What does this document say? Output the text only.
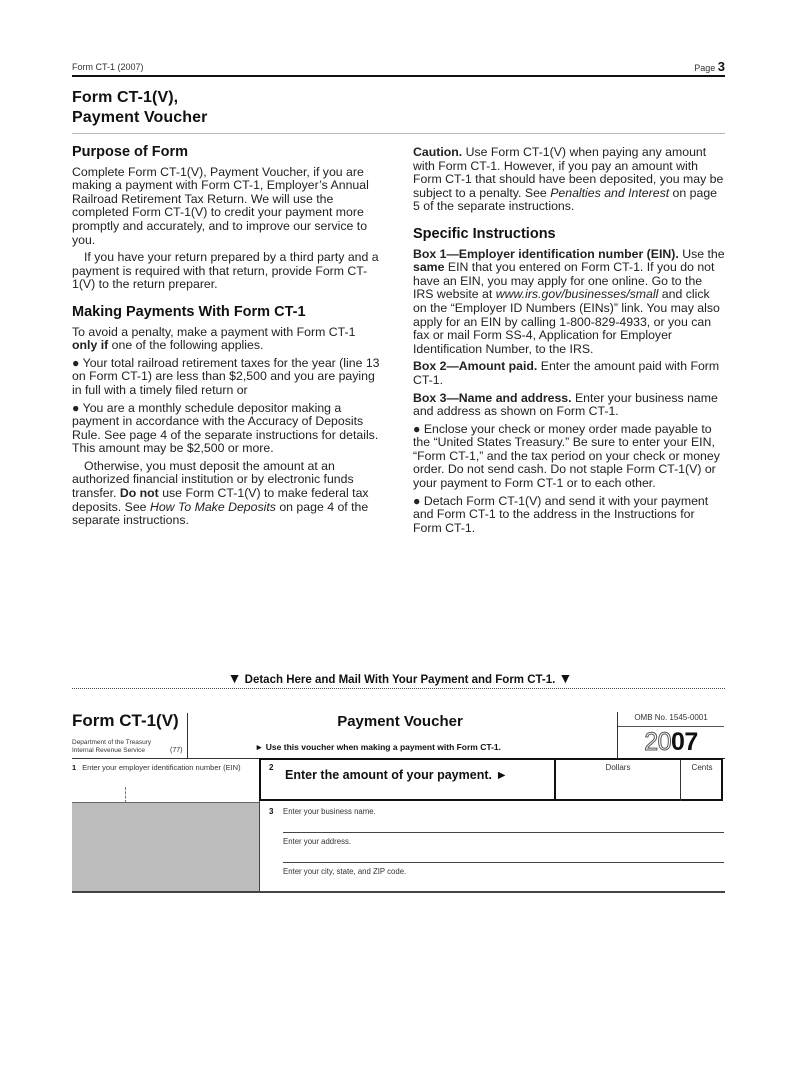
Form CT-1 (2007)	Page 3
Form CT-1(V),
Payment Voucher
Purpose of Form

Complete Form CT-1(V), Payment Voucher, if you are making a payment with Form CT-1, Employer’s Annual Railroad Retirement Tax Return. We will use the completed Form CT-1(V) to credit your payment more promptly and accurately, and to improve our service to you.

If you have your return prepared by a third party and a payment is required with that return, provide Form CT-1(V) to the return preparer.

Making Payments With Form CT-1

To avoid a penalty, make a payment with Form CT-1 only if one of the following applies.

● Your total railroad retirement taxes for the year (line 13 on Form CT-1) are less than $2,500 and you are paying in full with a timely filed return or

● You are a monthly schedule depositor making a payment in accordance with the Accuracy of Deposits Rule. See page 4 of the separate instructions for details. This amount may be $2,500 or more.

Otherwise, you must deposit the amount at an authorized financial institution or by electronic funds transfer. Do not use Form CT-1(V) to make federal tax deposits. See How To Make Deposits on page 4 of the separate instructions.

Caution. Use Form CT-1(V) when paying any amount with Form CT-1. However, if you pay an amount with Form CT-1 that should have been deposited, you may be subject to a penalty. See Penalties and Interest on page 5 of the separate instructions.

Specific Instructions

Box 1—Employer identification number (EIN). Use the same EIN that you entered on Form CT-1. If you do not have an EIN, you may apply for one online. Go to the IRS website at www.irs.gov/businesses/small and click on the “Employer ID Numbers (EINs)” link. You may also apply for an EIN by calling 1-800-829-4933, or you can fax or mail Form SS-4, Application for Employer Identification Number, to the IRS.

Box 2—Amount paid. Enter the amount paid with Form CT-1.

Box 3—Name and address. Enter your business name and address as shown on Form CT-1.

● Enclose your check or money order made payable to the “United States Treasury.” Be sure to enter your EIN, “Form CT-1,” and the tax period on your check or money order. Do not send cash. Do not staple Form CT-1(V) or your payment to Form CT-1 or to each other.

● Detach Form CT-1(V) and send it with your payment and Form CT-1 to the address in the Instructions for Form CT-1.

▼ Detach Here and Mail With Your Payment and Form CT-1. ▼
Form CT-1(V)
Department of the Treasury
Internal Revenue Service	(77)
Payment Voucher
► Use this voucher when making a payment with Form CT-1.
OMB No. 1545-0001
2007
1 Enter your employer identification number (EIN)	2
Enter the amount of your payment. ►
Dollars	Cents
3 Enter your business name.
Enter your address.
Enter your city, state, and ZIP code.
